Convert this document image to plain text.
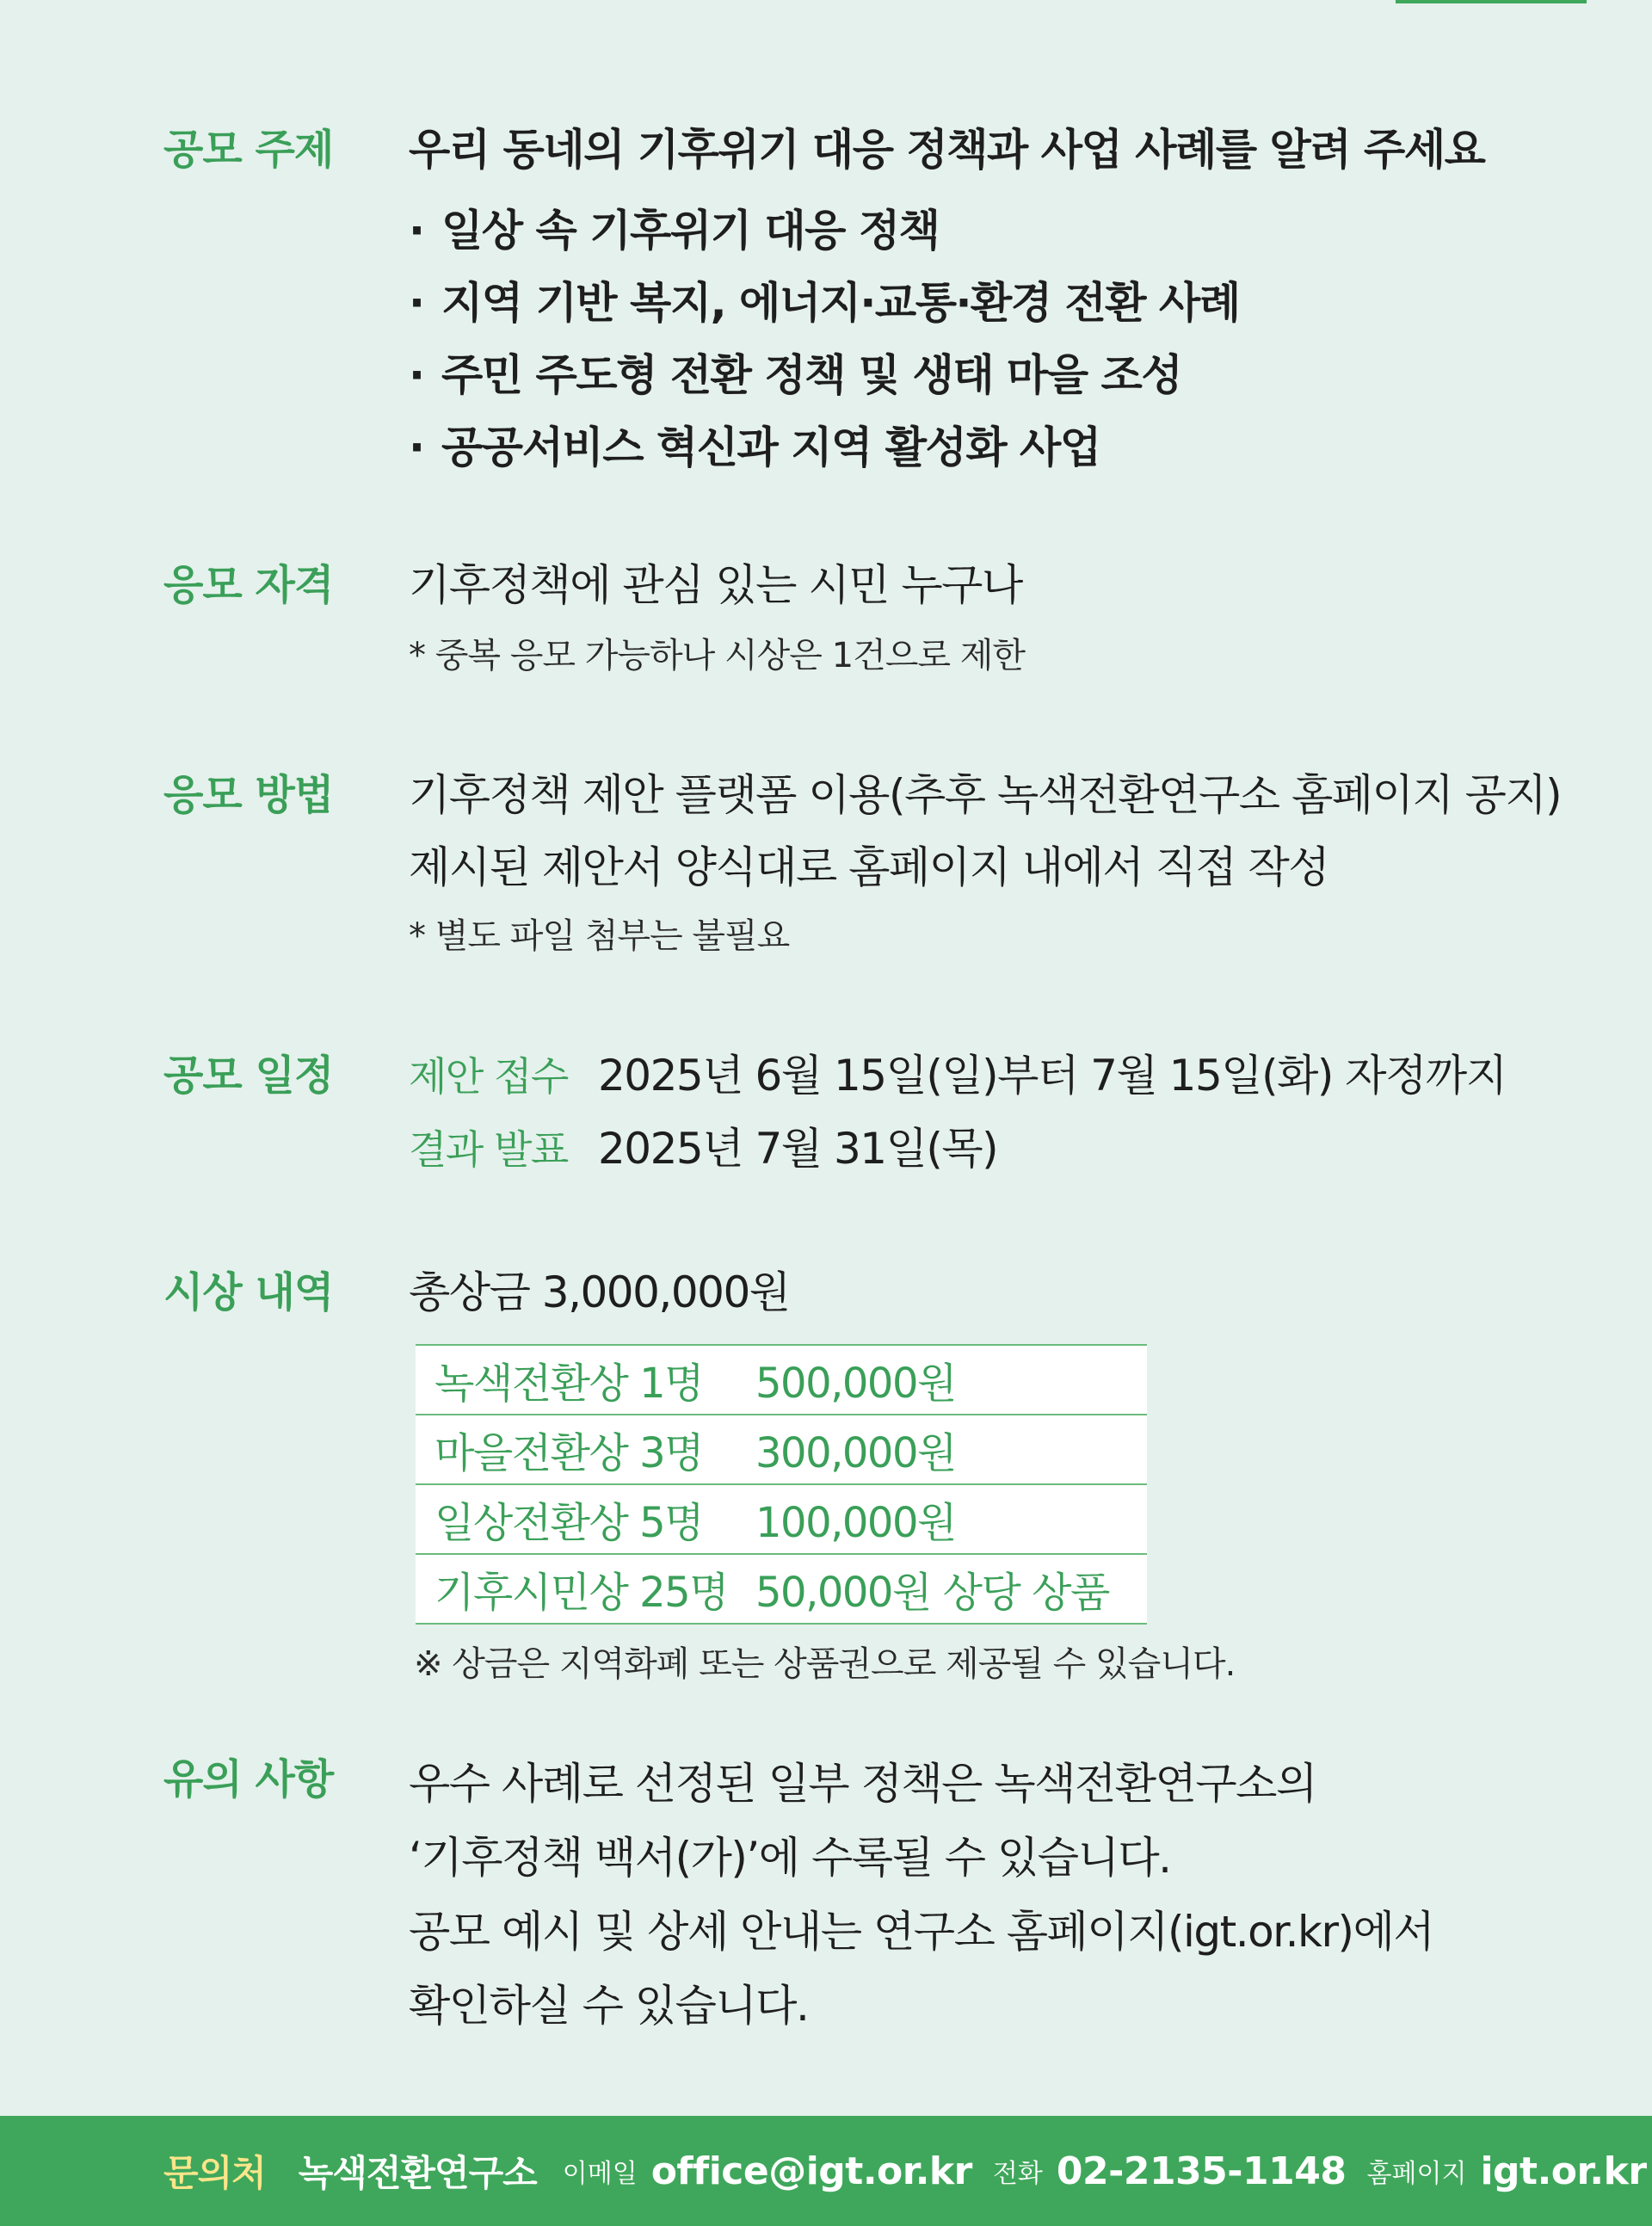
공모 주제 우리 동네의 기후위기 대응 정책과 사업 사례를 알려 주세요
· 일상 속 기후위기 대응 정책
· 지역 기반 복지, 에너지·교통·환경 전환 사례
· 주민 주도형 전환 정책 및 생태 마을 조성
· 공공서비스 혁신과 지역 활성화 사업
응모 자격 기후정책에 관심 있는 시민 누구나
* 중복 응모 가능하나 시상은 1건으로 제한
응모 방법 기후정책 제안 플랫폼 이용(추후 녹색전환연구소 홈페이지 공지)
제시된 제안서 양식대로 홈페이지 내에서 직접 작성
* 별도 파일 첨부는 불필요
공모 일정 제안 접수 2025년 6월 15일(일)부터 7월 15일(화) 자정까지
결과 발표 2025년 7월 31일(목)
시상 내역 총상금 3,000,000원
녹색전환상 1명	500,000원
마을전환상 3명	300,000원
일상전환상 5명	100,000원
기후시민상 25명	50,000원 상당 상품
※ 상금은 지역화폐 또는 상품권으로 제공될 수 있습니다.
유의 사항 우수 사례로 선정된 일부 정책은 녹색전환연구소의
‘기후정책 백서(가)’에 수록될 수 있습니다.
공모 예시 및 상세 안내는 연구소 홈페이지(igt.or.kr)에서
확인하실 수 있습니다.
문의처 녹색전환연구소 이메일 office@igt.or.kr 전화 02-2135-1148 홈페이지 igt.or.kr
